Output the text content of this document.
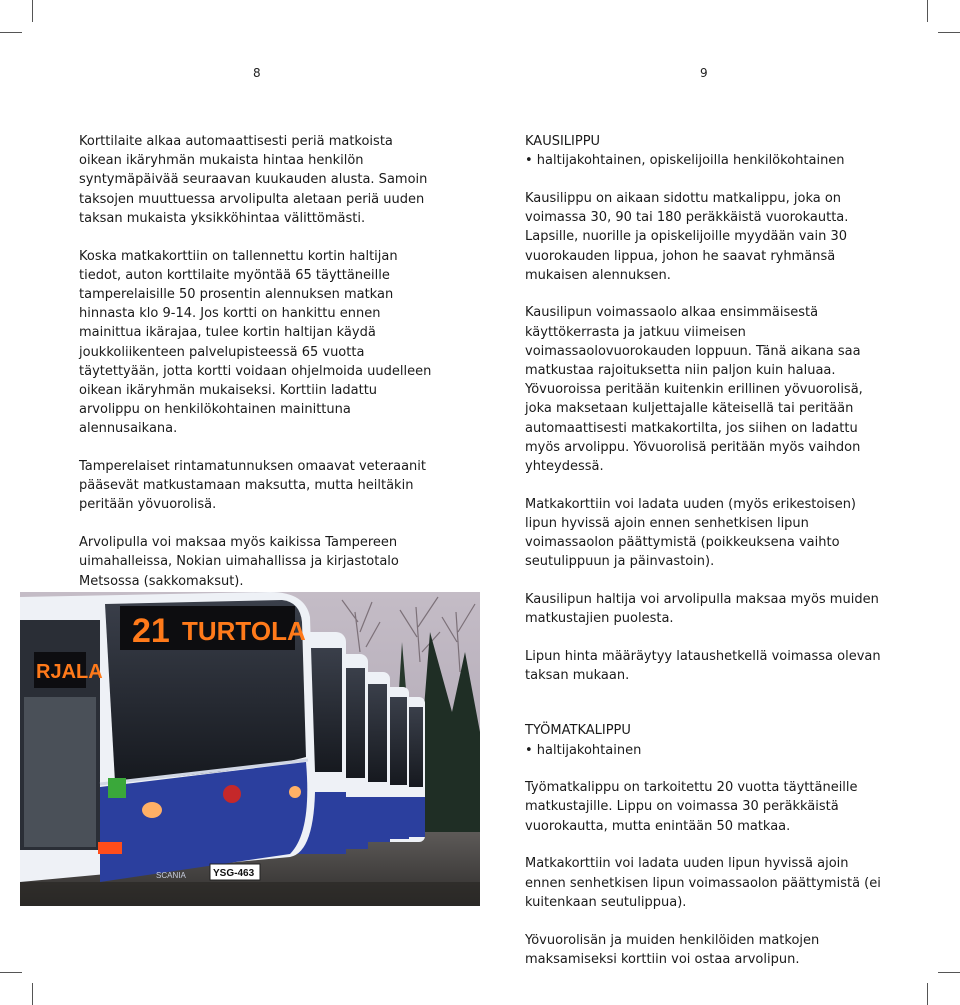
8	9

Korttilaite alkaa automaattisesti periä matkoista oikean ikäryhmän mukaista hintaa henkilön syntymäpäivää seuraavan kuukauden alusta. Samoin taksojen muuttuessa arvolipulta aletaan periä uuden taksan mukaista yksikköhintaa välittömästi.

Koska matkakorttiin on tallennettu kortin haltijan tiedot, auton korttilaite myöntää 65 täyttäneille tamperelaisille 50 prosentin alennuksen matkan hinnasta klo 9-14. Jos kortti on hankittu ennen mainittua ikärajaa, tulee kortin haltijan käydä joukkoliikenteen palvelupisteessä 65 vuotta täytettyään, jotta kortti voidaan ohjelmoida uudelleen oikean ikäryhmän mukaiseksi. Korttiin ladattu arvolippu on henkilökohtainen mainittuna alennusaikana.

Tamperelaiset rintamatunnuksen omaavat veteraanit pääsevät matkustamaan maksutta, mutta heiltäkin peritään yövuorolisä.

Arvolipulla voi maksaa myös kaikissa Tampereen uimahalleissa, Nokian uimahallissa ja kirjastotalo Metsossa (sakkomaksut).

21 TURTOLA
RJALA
YSG-463
SCANIA
KAUSILIPPU

• haltijakohtainen, opiskelijoilla henkilökohtainen

Kausilippu on aikaan sidottu matkalippu, joka on voimassa 30, 90 tai 180 peräkkäistä vuorokautta. Lapsille, nuorille ja opiskelijoille myydään vain 30 vuorokauden lippua, johon he saavat ryhmänsä mukaisen alennuksen.

Kausilipun voimassaolo alkaa ensimmäisestä käyttökerrasta ja jatkuu viimeisen voimassaolovuorokauden loppuun. Tänä aikana saa matkustaa rajoituksetta niin paljon kuin haluaa. Yövuoroissa peritään kuitenkin erillinen yövuorolisä, joka maksetaan kuljettajalle käteisellä tai peritään automaattisesti matkakortilta, jos siihen on ladattu myös arvolippu. Yövuorolisä peritään myös vaihdon yhteydessä.

Matkakorttiin voi ladata uuden (myös erikestoisen) lipun hyvissä ajoin ennen senhetkisen lipun voimassaolon päättymistä (poikkeuksena vaihto seutulippuun ja päinvastoin).

Kausilipun haltija voi arvolipulla maksaa myös muiden matkustajien puolesta.

Lipun hinta määräytyy lataushetkellä voimassa olevan taksan mukaan.

TYÖMATKALIPPU

• haltijakohtainen

Työmatkalippu on tarkoitettu 20 vuotta täyttäneille matkustajille. Lippu on voimassa 30 peräkkäistä vuorokautta, mutta enintään 50 matkaa.

Matkakorttiin voi ladata uuden lipun hyvissä ajoin ennen senhetkisen lipun voimassaolon päättymistä (ei kuitenkaan seutulippua).

Yövuorolisän ja muiden henkilöiden matkojen maksamiseksi korttiin voi ostaa arvolipun.
